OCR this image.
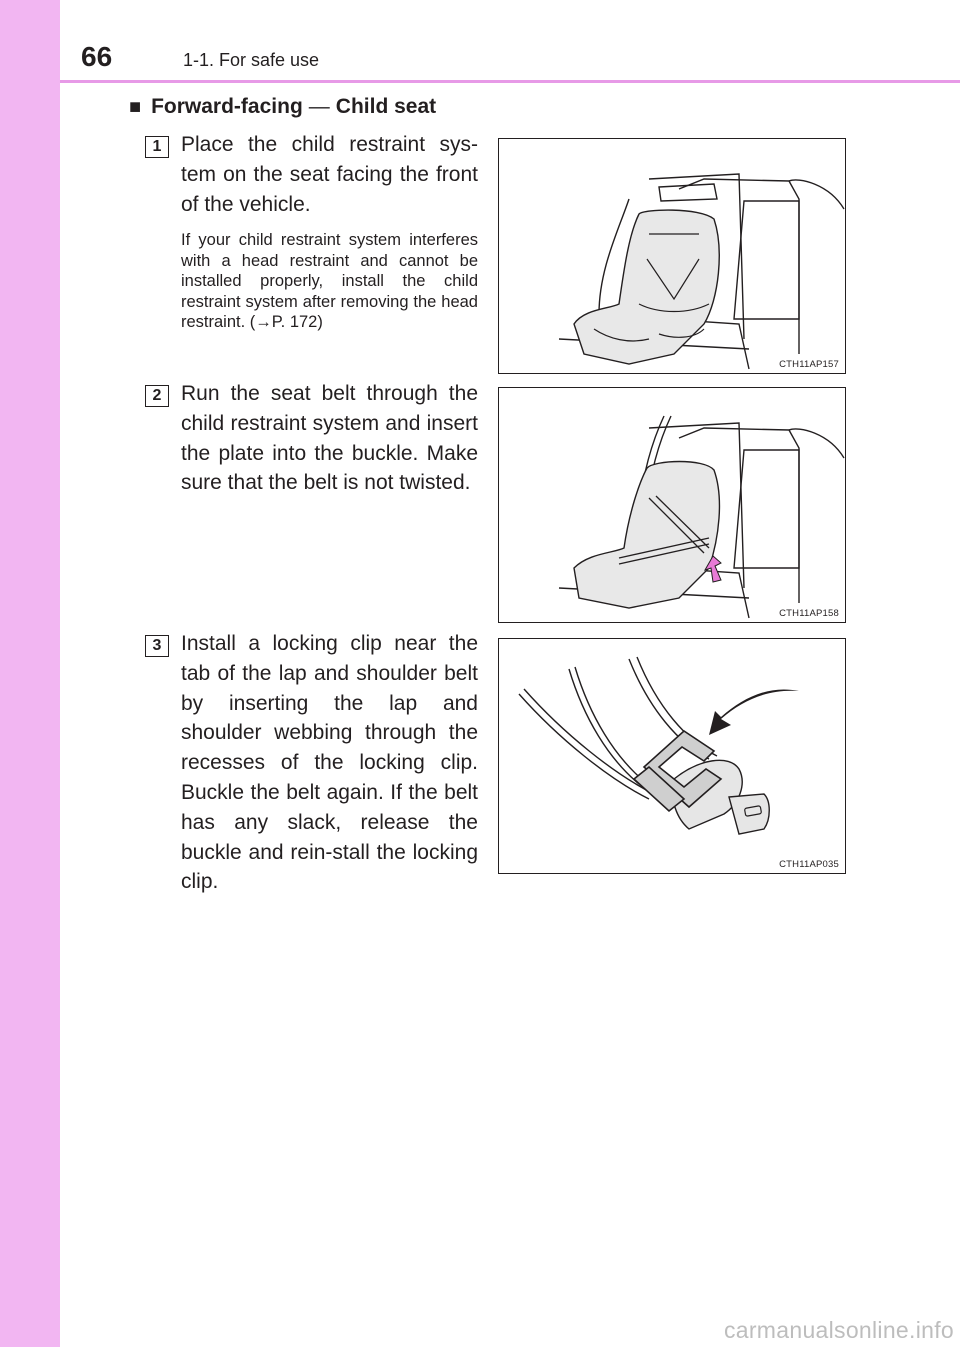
66	1-1. For safe use
■ Forward-facing — Child seat
1 Place the child restraint sys-tem on the seat facing the front of the vehicle.
If your child restraint system interferes with a head restraint and cannot be installed properly, install the child restraint system after removing the head restraint. (→P. 172)
CTH11AP157
2 Run the seat belt through the child restraint system and insert the plate into the buckle. Make sure that the belt is not twisted.
CTH11AP158
3 Install a locking clip near the tab of the lap and shoulder belt by inserting the lap and shoulder webbing through the recesses of the locking clip. Buckle the belt again. If the belt has any slack, release the buckle and rein-stall the locking clip.
CTH11AP035
carmanualsonline.info
